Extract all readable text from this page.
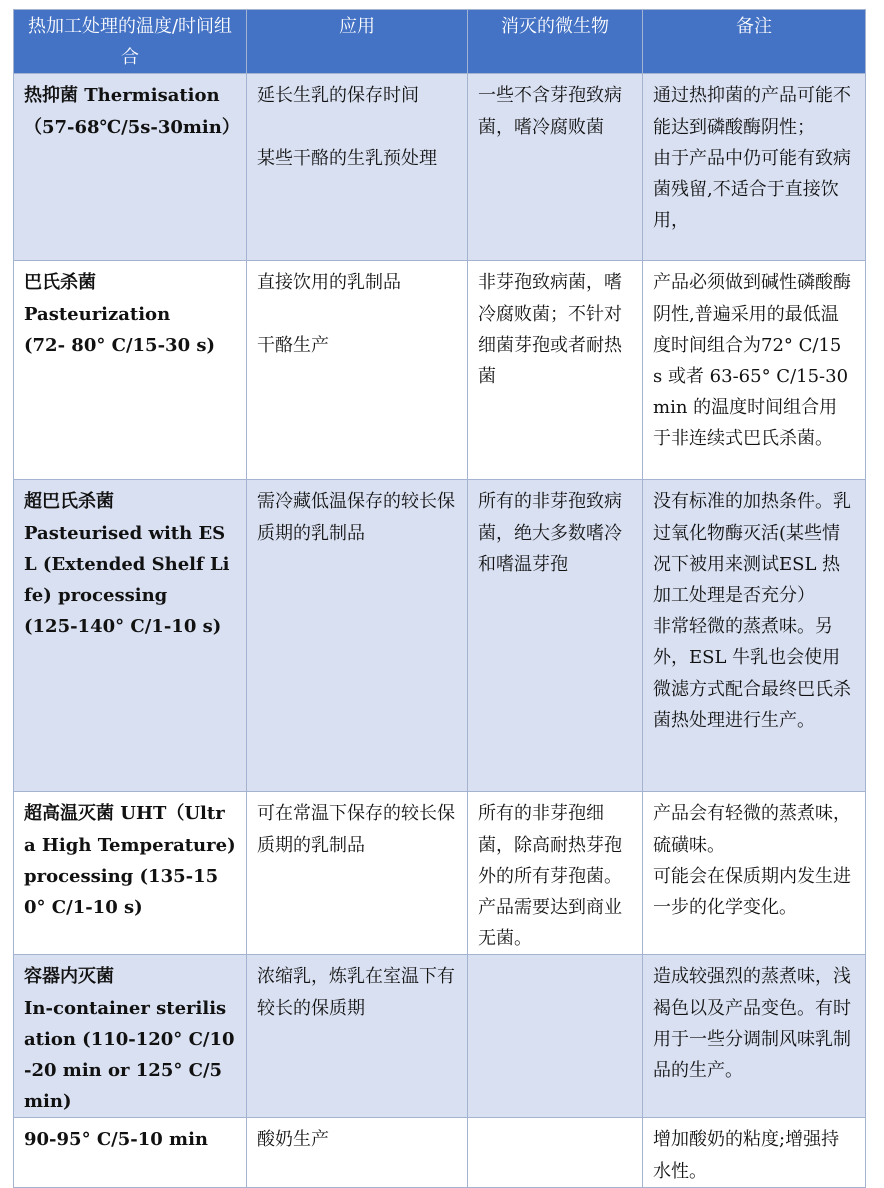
热加工处理的温度/时间组合	应用	消灭的微生物	备注

热抑菌 Thermisation
（57-68℃/5s-30min）	延长生乳的保存时间
某些干酪的生乳预处理	一些不含芽孢致病菌，嗜冷腐败菌	通过热抑菌的产品可能不能达到磷酸酶阴性；
由于产品中仍可能有致病菌残留,不适合于直接饮用，

巴氏杀菌
Pasteurization
(72- 80° C/15-30 s)	直接饮用的乳制品
干酪生产	非芽孢致病菌，嗜冷腐败菌；不针对细菌芽孢或者耐热菌	产品必须做到碱性磷酸酶阴性,普遍采用的最低温度时间组合为72° C/15 s 或者 63-65° C/15-30 min 的温度时间组合用于非连续式巴氏杀菌。

超巴氏杀菌
Pasteurised with ESL (Extended Shelf Life) processing
(125-140° C/1-10 s)	需冷藏低温保存的较长保质期的乳制品	所有的非芽孢致病菌，绝大多数嗜冷和嗜温芽孢	没有标准的加热条件。乳过氧化物酶灭活(某些情况下被用来测试ESL 热加工处理是否充分）
非常轻微的蒸煮味。另外，ESL 牛乳也会使用微滤方式配合最终巴氏杀菌热处理进行生产。

超高温灭菌 UHT（Ultra High Temperature) processing (135-150° C/1-10 s)	可在常温下保存的较长保质期的乳制品	所有的非芽孢细菌，除高耐热芽孢外的所有芽孢菌。产品需要达到商业无菌。	产品会有轻微的蒸煮味，硫磺味。
可能会在保质期内发生进一步的化学变化。

容器内灭菌
In-container sterilisation (110-120° C/10-20 min or 125° C/5 min)	浓缩乳，炼乳在室温下有较长的保质期		造成较强烈的蒸煮味，浅褐色以及产品变色。有时用于一些分调制风味乳制品的生产。

90-95° C/5-10 min	酸奶生产		增加酸奶的粘度;增强持水性。
